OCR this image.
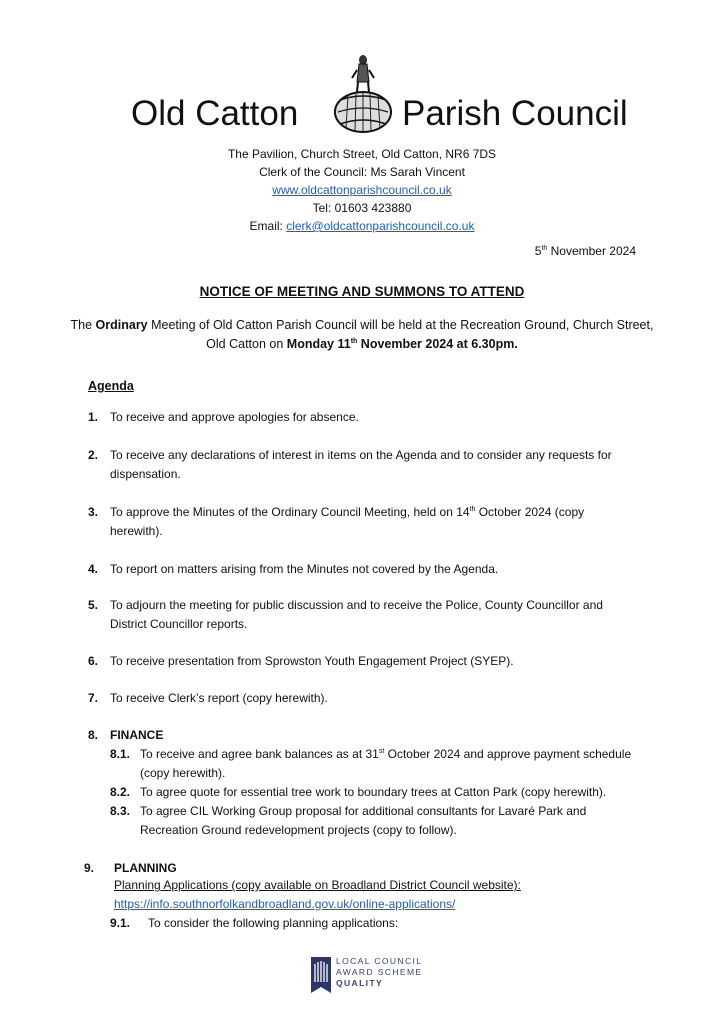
Old Catton	Parish Council
The Pavilion, Church Street, Old Catton, NR6 7DS
Clerk of the Council: Ms Sarah Vincent
www.oldcattonparishcouncil.co.uk
Tel: 01603 423880
Email: clerk@oldcattonparishcouncil.co.uk
5th November 2024
NOTICE OF MEETING AND SUMMONS TO ATTEND
The Ordinary Meeting of Old Catton Parish Council will be held at the Recreation Ground, Church Street, Old Catton on Monday 11th November 2024 at 6.30pm.
Agenda
1. To receive and approve apologies for absence.
2. To receive any declarations of interest in items on the Agenda and to consider any requests for dispensation.
3. To approve the Minutes of the Ordinary Council Meeting, held on 14th October 2024 (copy herewith).
4. To report on matters arising from the Minutes not covered by the Agenda.
5. To adjourn the meeting for public discussion and to receive the Police, County Councillor and District Councillor reports.
6. To receive presentation from Sprowston Youth Engagement Project (SYEP).
7. To receive Clerk’s report (copy herewith).
8. FINANCE
8.1. To receive and agree bank balances as at 31st October 2024 and approve payment schedule (copy herewith).
8.2. To agree quote for essential tree work to boundary trees at Catton Park (copy herewith).
8.3. To agree CIL Working Group proposal for additional consultants for Lavaré Park and Recreation Ground redevelopment projects (copy to follow).
9. PLANNING
Planning Applications (copy available on Broadland District Council website):
https://info.southnorfolkandbroadland.gov.uk/online-applications/
9.1. To consider the following planning applications:
LOCAL COUNCIL
AWARD SCHEME
QUALITY
